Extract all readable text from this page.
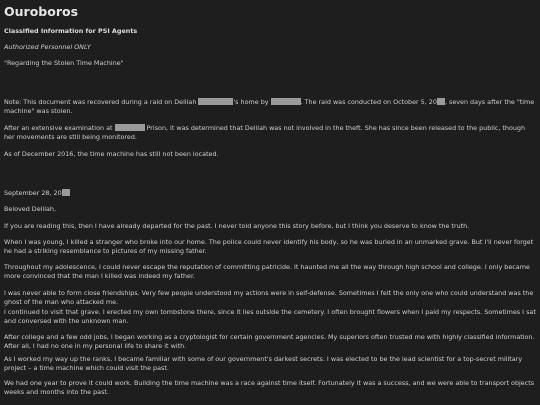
Ouroboros
Classified Information for PSI Agents
Authorized Personnel ONLY
"Regarding the Stolen Time Machine"

Note: This document was recovered during a raid on Delilah	's home by	. The raid was conducted on October 5, 20 , seven days after the "time machine" was stolen.

After an extensive examination at	Prison, it was determined that Delilah was not involved in the theft. She has since been released to the public, though her movements are still being monitored.

As of December 2016, the time machine has still not been located.

September 28, 20

Beloved Delilah,

If you are reading this, then I have already departed for the past. I never told anyone this story before, but I think you deserve to know the truth.

When I was young, I killed a stranger who broke into our home. The police could never identify his body, so he was buried in an unmarked grave. But I'll never forget he had a striking resemblance to pictures of my missing father.

Throughout my adolescence, I could never escape the reputation of committing patricide. It haunted me all the way through high school and college. I only became more convinced that the man I killed was indeed my father.

I was never able to form close friendships. Very few people understood my actions were in self-defense. Sometimes I felt the only one who could understand was the ghost of the man who attacked me.

I continued to visit that grave. I erected my own tombstone there, since it lies outside the cemetery. I often brought flowers when I paid my respects. Sometimes I sat and conversed with the unknown man.

After college and a few odd jobs, I began working as a cryptologist for certain government agencies. My superiors often trusted me with highly classified information. After all, I had no one in my personal life to share it with.

As I worked my way up the ranks, I became familiar with some of our government's darkest secrets. I was elected to be the lead scientist for a top-secret military project – a time machine which could visit the past.

We had one year to prove it could work. Building the time machine was a race against time itself. Fortunately it was a success, and we were able to transport objects weeks and months into the past.
